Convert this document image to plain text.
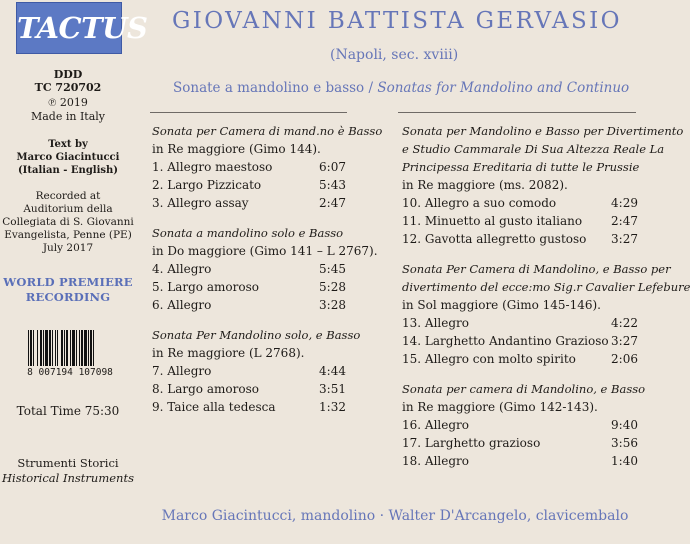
TACTUS
DDD
TC 720702
℗ 2019
Made in Italy
Text by
Marco Giacintucci
(Italian - English)
Recorded at
Auditorium della
Collegiata di S. Giovanni
Evangelista, Penne (PE)
July 2017
WORLD PREMIERE
RECORDING
8 007194 107098
Total Time 75:30
Strumenti Storici
Historical Instruments
GIOVANNI BATTISTA GERVASIO
(Napoli, sec. xviii)
Sonate a mandolino e basso / Sonatas for Mandolino and Continuo
Sonata per Camera di mand.no è Basso
in Re maggiore (Gimo 144).
1. Allegro maestoso	6:07
2. Largo Pizzicato	5:43
3. Allegro assay	2:47
Sonata a mandolino solo e Basso
in Do maggiore (Gimo 141 – L 2767).
4. Allegro	5:45
5. Largo amoroso	5:28
6. Allegro	3:28
Sonata Per Mandolino solo, e Basso
in Re maggiore (L 2768).
7. Allegro	4:44
8. Largo amoroso	3:51
9. Taice alla tedesca	1:32
Sonata per Mandolino e Basso per Divertimento
e Studio Cammarale Di Sua Altezza Reale La
Principessa Ereditaria di tutte le Prussie
in Re maggiore (ms. 2082).
10. Allegro a suo comodo	4:29
11. Minuetto al gusto italiano 2:47
12. Gavotta allegretto gustoso 3:27
Sonata Per Camera di Mandolino, e Basso per
divertimento del ecce:mo Sig.r Cavalier Lefebure
in Sol maggiore (Gimo 145-146).
13. Allegro	4:22
14. Larghetto Andantino Grazioso 3:27
15. Allegro con molto spirito	2:06
Sonata per camera di Mandolino, e Basso
in Re maggiore (Gimo 142-143).
16. Allegro	9:40
17. Larghetto grazioso	3:56
18. Allegro	1:40
Marco Giacintucci, mandolino · Walter D'Arcangelo, clavicembalo
